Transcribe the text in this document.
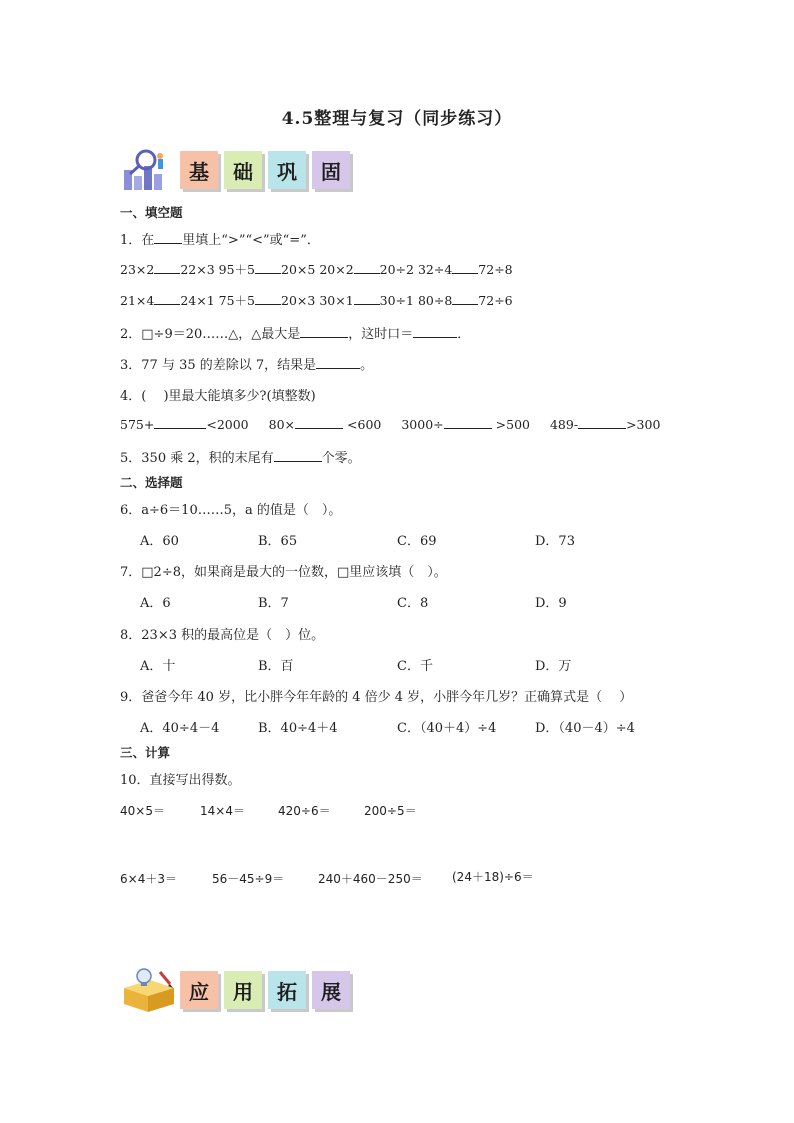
4.5整理与复习（同步练习）
基	础	巩	固
一、填空题
1．在 里填上“>”“<”或“=”．
23×2 22×3 95＋5 20×5 20×2 20÷2 32÷4 72÷8
21×4 24×1 75＋5 20×3 30×1 30÷1 80÷8 72÷6
2．□÷9＝20……△，△最大是	，这时口＝	．
3．77 与 35 的差除以 7，结果是	。
4．(　 )里最大能填多少?(填整数)
575+	<2000 80×	<600 3000÷	>500 489-	>300
5．350 乘 2，积的末尾有	个零。
二、选择题
6．a÷6＝10……5，a 的值是（　）。
A．60	B．65	C．69	D．73
7．□2÷8，如果商是最大的一位数，□里应该填（　）。
A．6	B．7	C．8	D．9
8．23×3 积的最高位是（　）位。
A．十	B．百	C．千	D．万
9．爸爸今年 40 岁，比小胖今年年龄的 4 倍少 4 岁，小胖今年几岁？正确算式是（　 ）
A．40÷4－4	B．40÷4＋4	C．（40＋4）÷4	D．（40－4）÷4
三、计算
10．直接写出得数。
40×5＝	14×4＝	420÷6＝	200÷5＝
6×4＋3＝	56－45÷9＝	240＋460－250＝ (24＋18)÷6＝
应	用	拓	展
